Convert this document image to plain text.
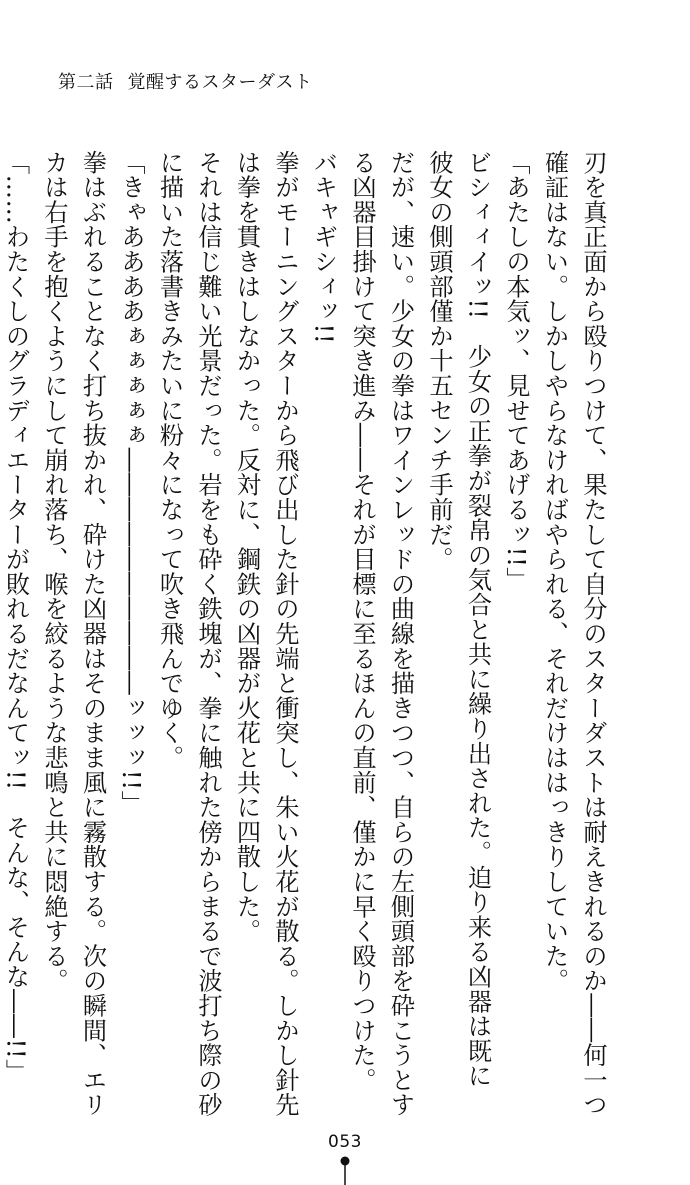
第二話 覚醒するスターダスト

刃を真正面から殴りつけて、果たして自分のスターダストは耐えきれるのか――何一つ

確証はない。しかしやらなければやられる、それだけははっきりしていた。

「あたしの本気ッ、見せてあげるッ!!」

ビシィィイッ!!　少女の正拳が裂帛の気合と共に繰り出された。迫り来る凶器は既に

彼女の側頭部僅か十五センチ手前だ。

だが、速い。少女の拳はワインレッドの曲線を描きつつ、自らの左側頭部を砕こうとす

る凶器目掛けて突き進み――それが目標に至るほんの直前、僅かに早く殴りつけた。

バキャギシィッ!!

拳がモーニングスターから飛び出した針の先端と衝突し、朱い火花が散る。しかし針先

は拳を貫きはしなかった。反対に、鋼鉄の凶器が火花と共に四散した。

それは信じ難い光景だった。岩をも砕く鉄塊が、拳に触れた傍からまるで波打ち際の砂

に描いた落書きみたいに粉々になって吹き飛んでゆく。

「きゃああああぁぁぁぁぁ――――――――――ッッッ!!」

拳はぶれることなく打ち抜かれ、砕けた凶器はそのまま風に霧散する。次の瞬間、エリ

カは右手を抱くようにして崩れ落ち、喉を絞るような悲鳴と共に悶絶する。

「……わたくしのグラディエーターが敗れるだなんてッ!!　そんな、そんな――!!」

053
